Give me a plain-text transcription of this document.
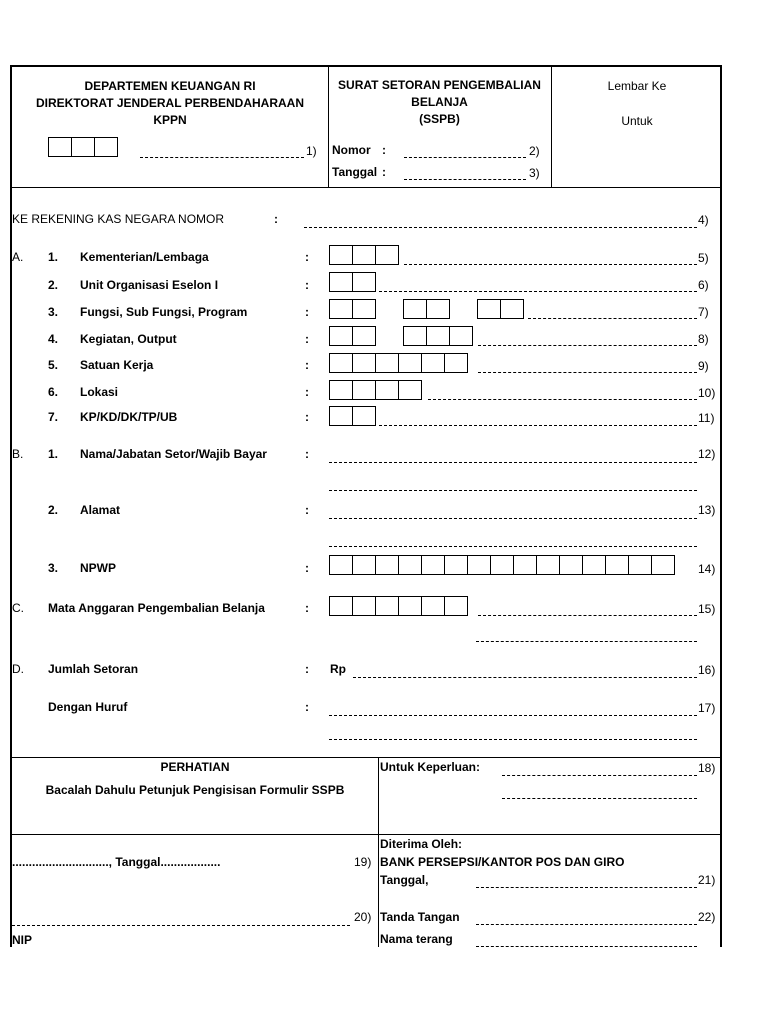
DEPARTEMEN KEUANGAN RI
DIREKTORAT JENDERAL PERBENDAHARAAN
KPPN
1)
SURAT SETORAN PENGEMBALIAN
BELANJA
(SSPB)
Nomor :	2)
Tanggal :	3)
Lembar Ke
Untuk
KE REKENING KAS NEGARA NOMOR	:	4)
A. 1. Kementerian/Lembaga	:	5)
2. Unit Organisasi Eselon I	:	6)
3. Fungsi, Sub Fungsi, Program	:	7)
4. Kegiatan, Output	:	8)
5. Satuan Kerja	:	9)
6. Lokasi	:	10)
7. KP/KD/DK/TP/UB	:	11)
B. 1. Nama/Jabatan Setor/Wajib Bayar	:	12)
2. Alamat	:	13)
3. NPWP	:	14)
C. Mata Anggaran Pengembalian Belanja	:	15)
D. Jumlah Setoran	: Rp	16)
Dengan Huruf	:	17)
PERHATIAN
Bacalah Dahulu Petunjuk Pengisisan Formulir SSPB
Untuk Keperluan:	18)
............................., Tanggal..................	19)
20)
NIP
Diterima Oleh:
BANK PERSEPSI/KANTOR POS DAN GIRO
Tanggal,	21)
Tanda Tangan	22)
Nama terang
